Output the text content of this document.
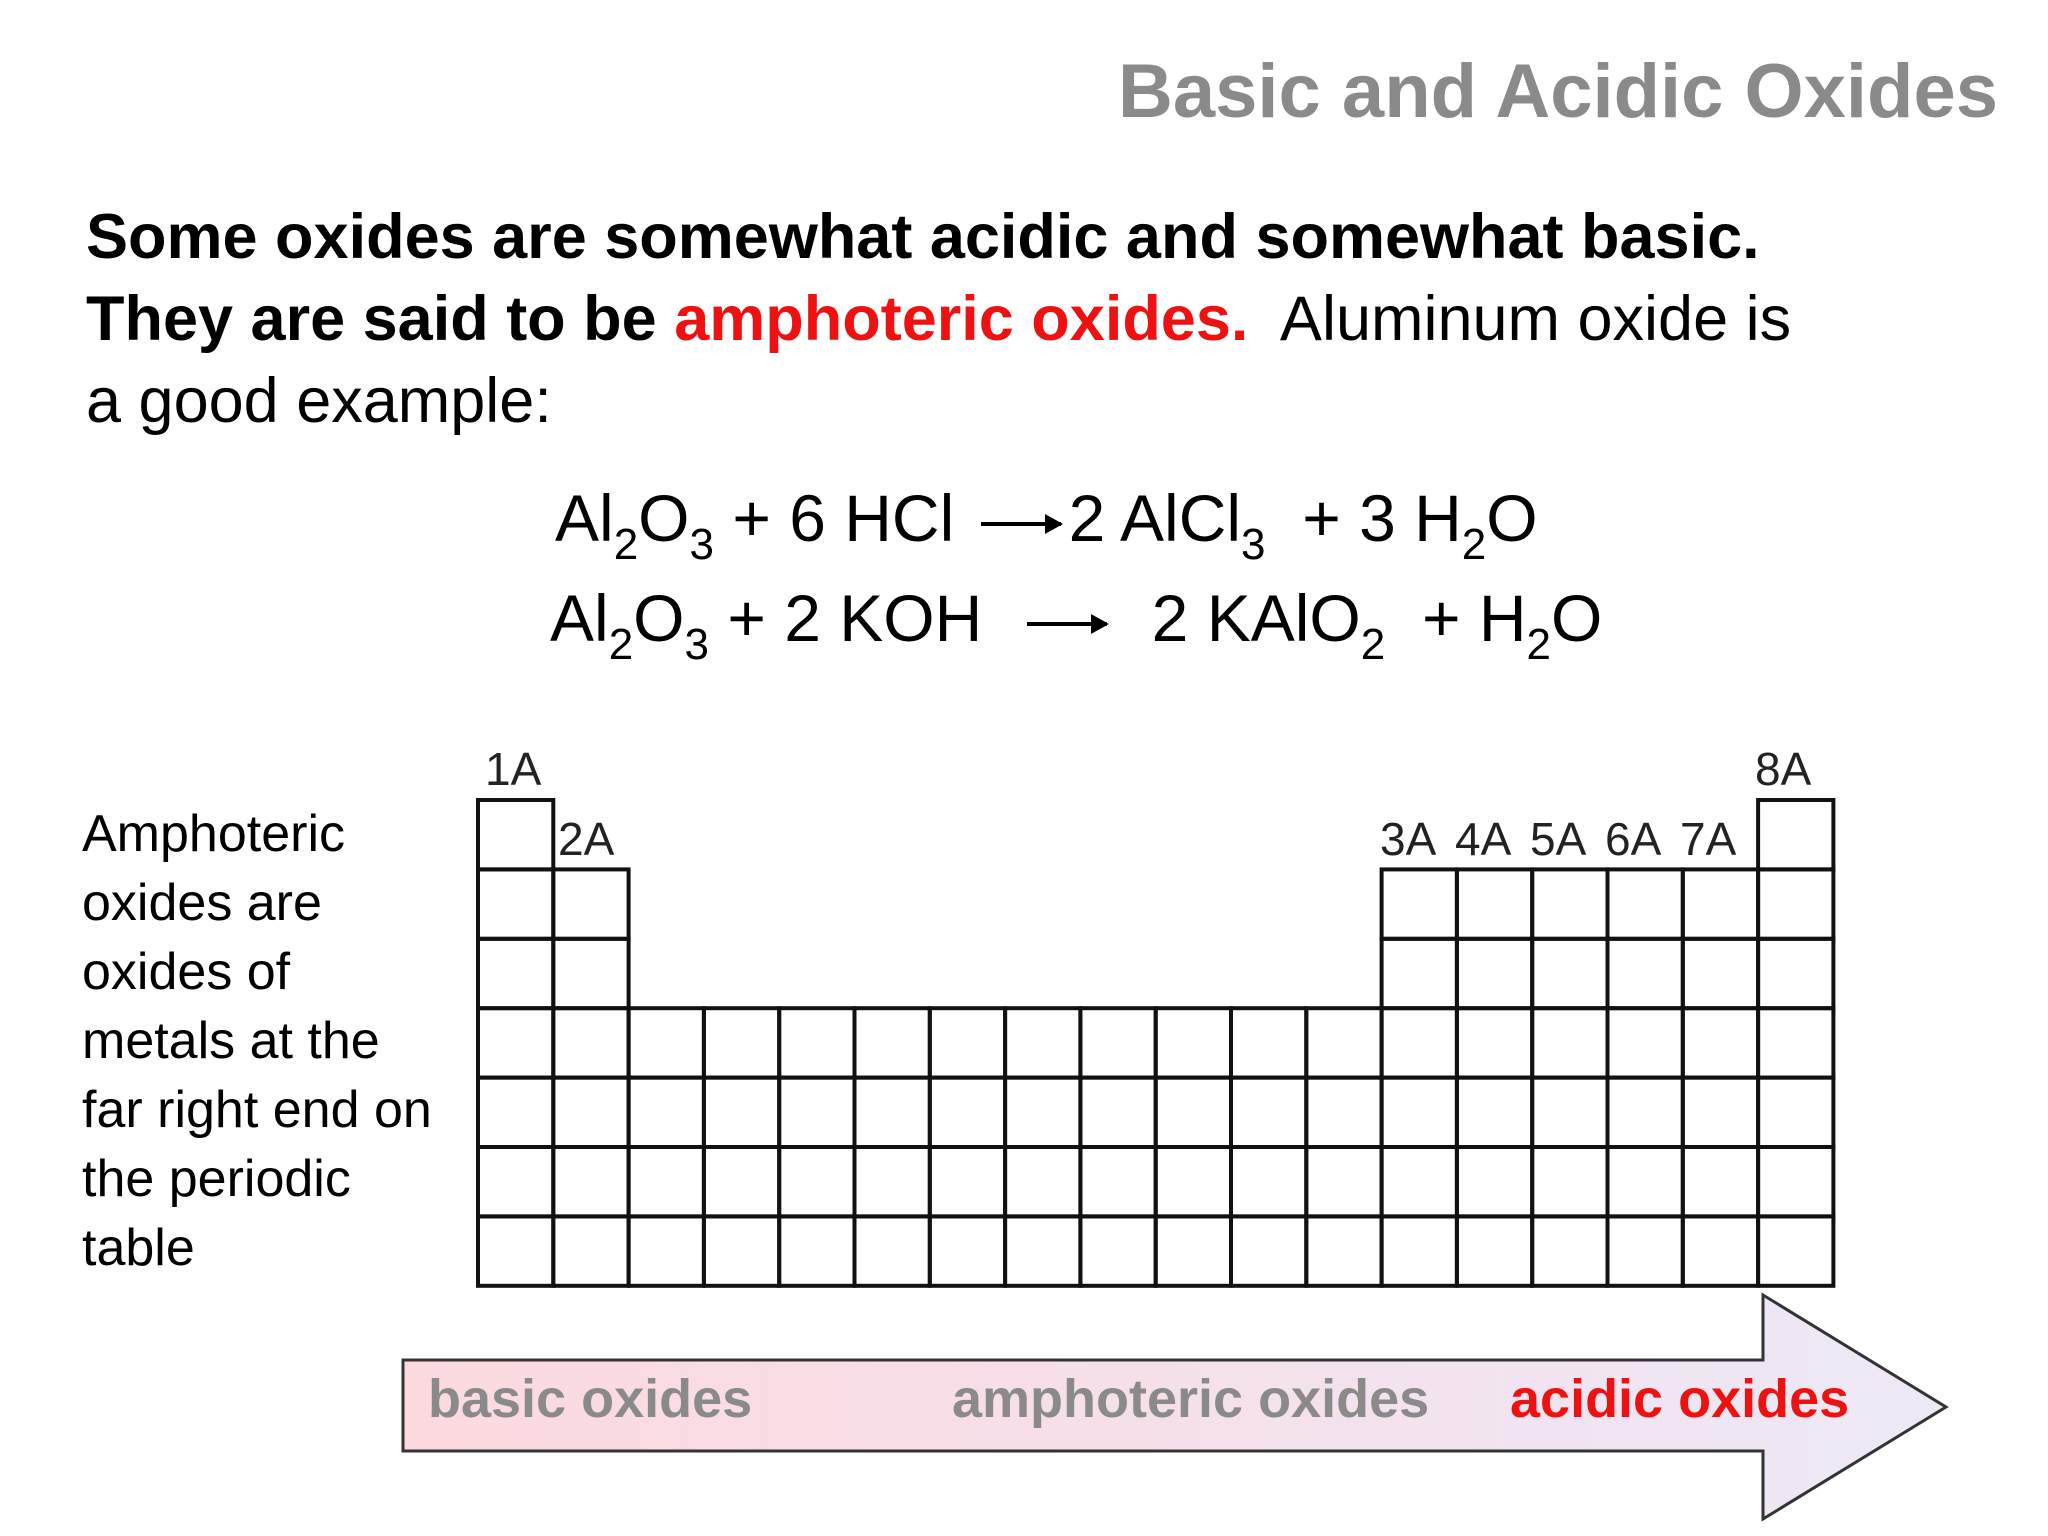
Basic and Acidic Oxides
Some oxides are somewhat acidic and somewhat basic.
They are said to be amphoteric oxides. Aluminum oxide is
a good example:
$Al_2O_3 + 6$ HCl → 2 AlCl$_3$ + 3 $H_2O$
$Al_2O_3 + 2$ KOH → 2 KAlO$_2$ + $H_2O$
Amphoteric oxides are oxides of metals at the far right end on the periodic table
1A
2A	3A 4A 5A 6A 7A
8A
basic oxides	amphoteric oxides acidic oxides
